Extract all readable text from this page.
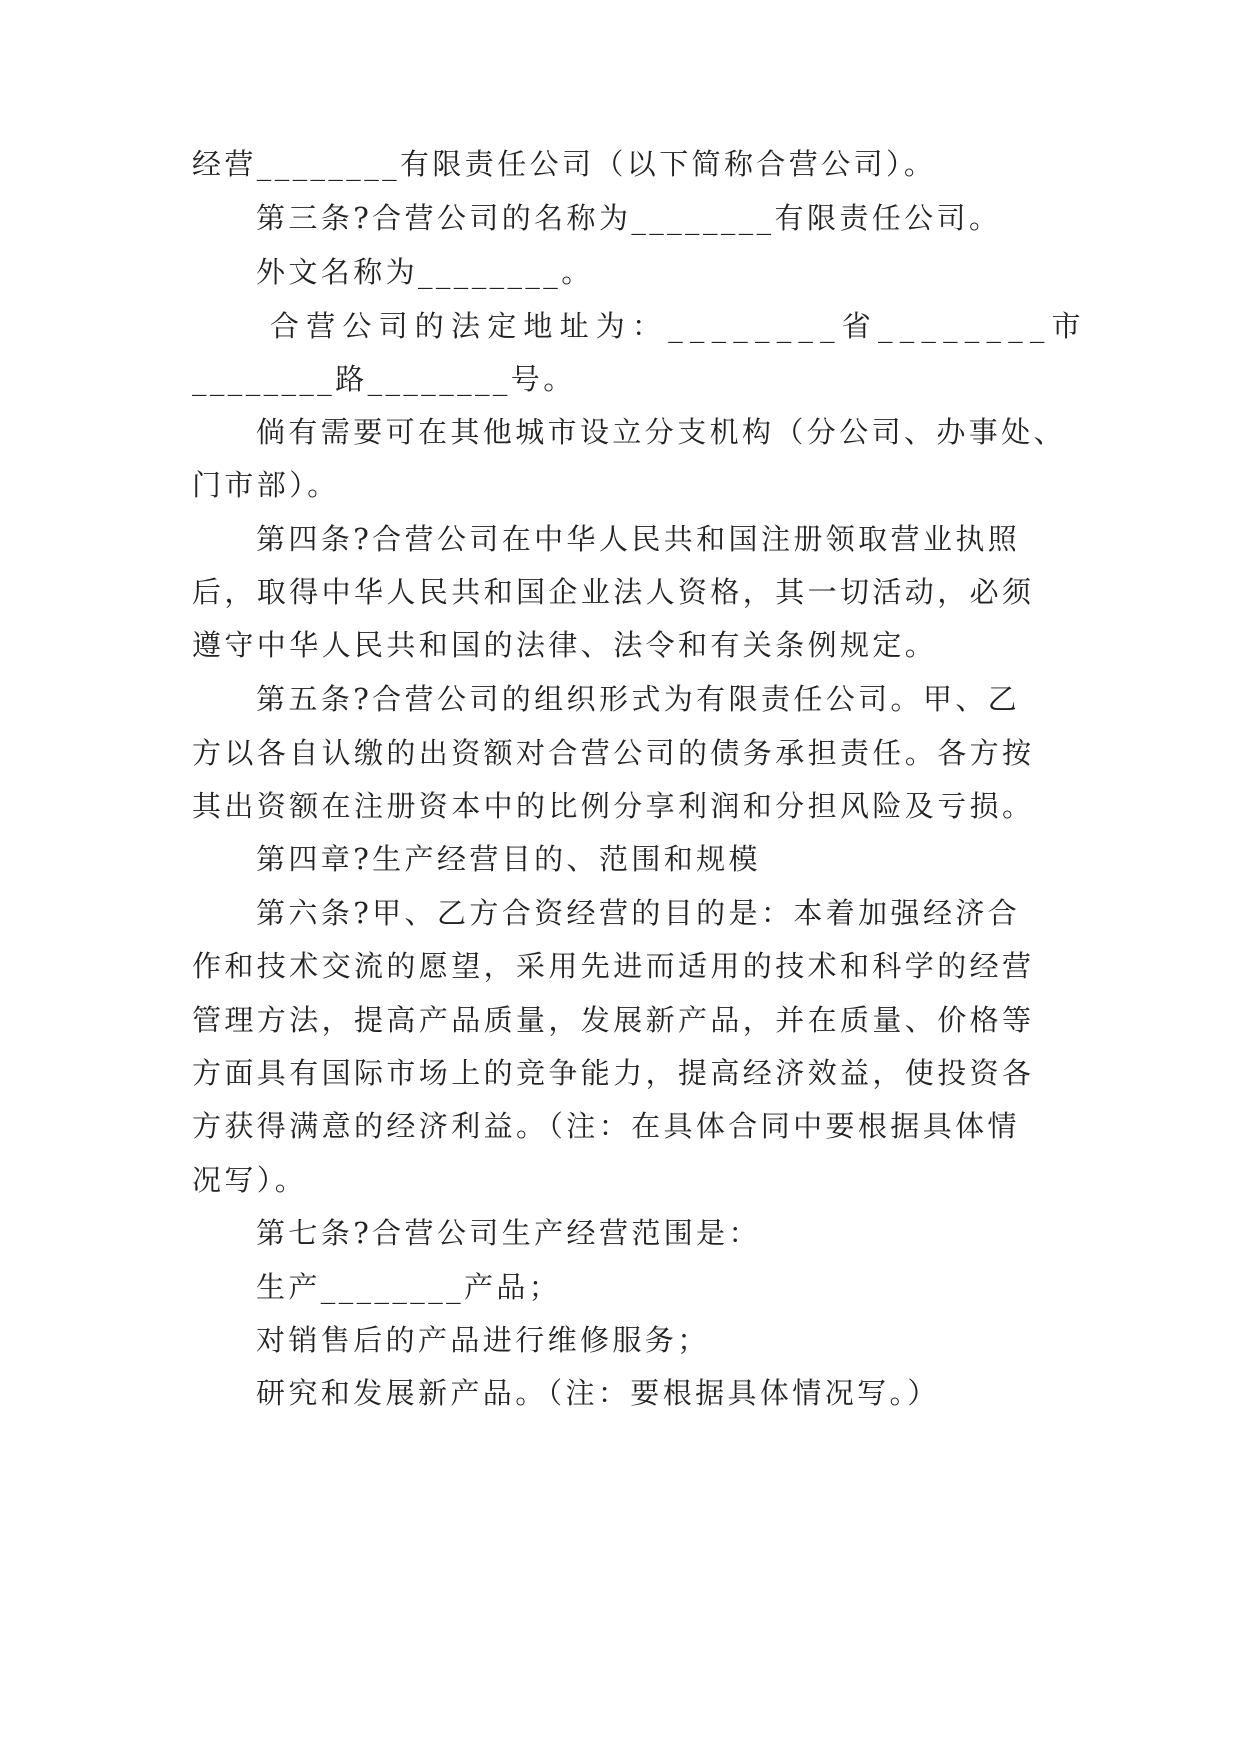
经营________有限责任公司（以下简称合营公司）。
第三条?合营公司的名称为________有限责任公司。
外文名称为________。
合营公司的法定地址为：________省________市
________路________号。
倘有需要可在其他城市设立分支机构（分公司、办事处、
门市部）。
第四条?合营公司在中华人民共和国注册领取营业执照
后，取得中华人民共和国企业法人资格，其一切活动，必须
遵守中华人民共和国的法律、法令和有关条例规定。
第五条?合营公司的组织形式为有限责任公司。甲、乙
方以各自认缴的出资额对合营公司的债务承担责任。各方按
其出资额在注册资本中的比例分享利润和分担风险及亏损。
第四章?生产经营目的、范围和规模
第六条?甲、乙方合资经营的目的是：本着加强经济合
作和技术交流的愿望，采用先进而适用的技术和科学的经营
管理方法，提高产品质量，发展新产品，并在质量、价格等
方面具有国际市场上的竞争能力，提高经济效益，使投资各
方获得满意的经济利益。（注：在具体合同中要根据具体情
况写）。
第七条?合营公司生产经营范围是：
生产________产品；
对销售后的产品进行维修服务；
研究和发展新产品。（注：要根据具体情况写。）
